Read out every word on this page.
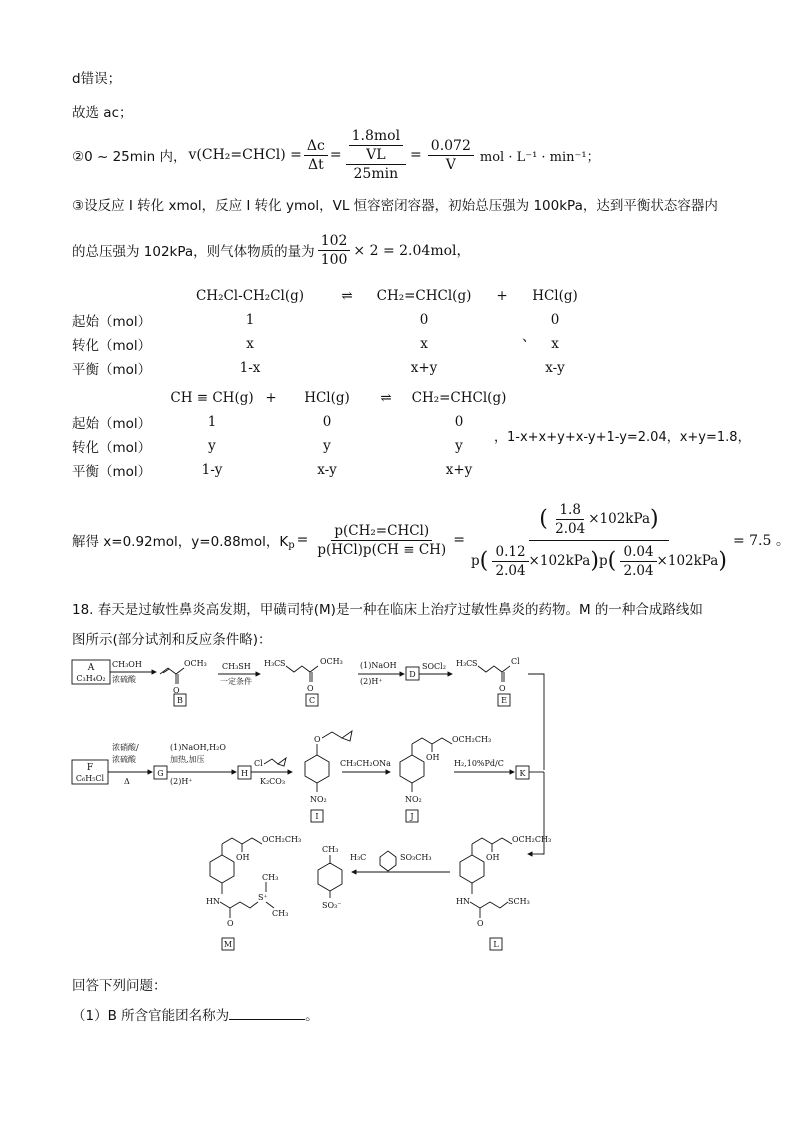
d错误；
故选 ac；
②0 ~ 25min 内， v(CH₂=CHCl) = $\frac{\Delta c}{\Delta t} = \frac{\frac{\text{1.8mol}}{VL}}{25\min} = \frac{0.072}{V}$ mol · L⁻¹ · min⁻¹；
③设反应 I 转化 xmol，反应 I 转化 ymol，VL 恒容密闭容器，初始总压强为 100kPa，达到平衡状态容器内
的总压强为 102kPa，则气体物质的量为 $\frac{102}{100} \times 2 = 2.04mol$，
	CH₂Cl-CH₂Cl(g)	⇌	CH₂=CHCl(g)	+	HCl(g)
起始（mol）	1		0		0
转化（mol）	x		x		x
平衡（mol）	1-x		x+y		x-y
、
	CH ≡ CH(g)	+	HCl(g)	⇌	CH₂=CHCl(g)
起始（mol）	1		0		0
转化（mol）	y		y		y
平衡（mol）	1-y		x-y		x+y
，1-x+x+y+x-y+1-y=2.04，x+y=1.8，
解得 x=0.92mol，y=0.88mol，$K_p = \frac{\text{p(CH₂=CHCl)}}{\text{p(HCl)p(CH ≡ CH)}}$ =
( $\frac{1.8}{2.04} \times 102kPa$)
$p( \frac{0.12}{2.04} \times 102kPa)p( \frac{0.04}{2.04} \times 102kPa)$
= 7.5 。
18. 春天是过敏性鼻炎高发期，甲磺司特(M)是一种在临床上治疗过敏性鼻炎的药物。M 的一种合成路线如
图所示(部分试剂和反应条件略)：
A
C₃H₄O₂
CH₃OH
浓硫酸
O
OCH₃
B
CH₃SH
一定条件
H₃C S
O
OCH₃
C
(1)NaOH
(2)H⁺
D
SOCl₂ H₃C S
O
Cl
E
F
C₆H₅Cl
浓硝酸/
浓硫酸
Δ
G
(1)NaOH,H₂O
加热,加压
(2)H⁺
H
Cl
K₂CO₃
O
NO₂
I
CH₃CH₂ONa
OH
OCH₂CH₃
NO₂
J
H₂,10%Pd/C
K
OH
OCH₂CH₃
HN
O
SCH₃
L
H₃C	SO₃CH₃
CH₃
SO₃⁻
OH
OCH₂CH₃
HN
O
S⁺
CH₃
CH₃
M
回答下列问题：
（1）B 所含官能团名称为	。
